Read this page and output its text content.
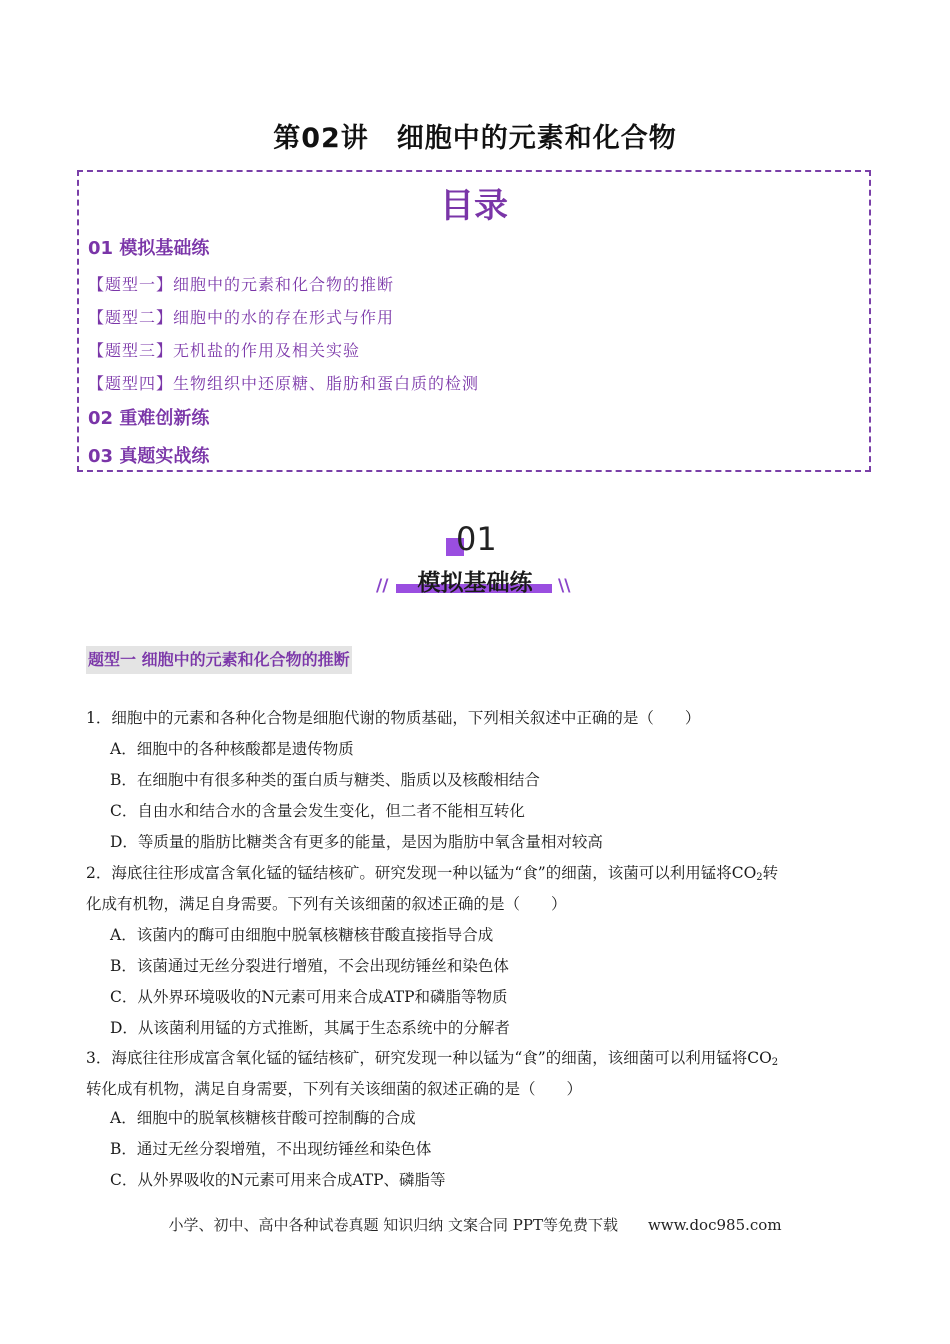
第02讲　细胞中的元素和化合物
目录
01 模拟基础练
【题型一】细胞中的元素和化合物的推断
【题型二】细胞中的水的存在形式与作用
【题型三】无机盐的作用及相关实验
【题型四】生物组织中还原糖、脂肪和蛋白质的检测
02 重难创新练
03 真题实战练
01
模拟基础练
//	\\
题型一 细胞中的元素和化合物的推断
1．细胞中的元素和各种化合物是细胞代谢的物质基础，下列相关叙述中正确的是（　　）
A．细胞中的各种核酸都是遗传物质
B．在细胞中有很多种类的蛋白质与糖类、脂质以及核酸相结合
C．自由水和结合水的含量会发生变化，但二者不能相互转化
D．等质量的脂肪比糖类含有更多的能量，是因为脂肪中氧含量相对较高
2．海底往往形成富含氧化锰的锰结核矿。研究发现一种以锰为“食”的细菌，该菌可以利用锰将$CO_2$转
化成有机物，满足自身需要。下列有关该细菌的叙述正确的是（　　）
A．该菌内的酶可由细胞中脱氧核糖核苷酸直接指导合成
B．该菌通过无丝分裂进行增殖，不会出现纺锤丝和染色体
C．从外界环境吸收的N元素可用来合成ATP和磷脂等物质
D．从该菌利用锰的方式推断，其属于生态系统中的分解者
3．海底往往形成富含氧化锰的锰结核矿，研究发现一种以锰为“食”的细菌，该细菌可以利用锰将$CO_2$
转化成有机物，满足自身需要，下列有关该细菌的叙述正确的是（　　）
A．细胞中的脱氧核糖核苷酸可控制酶的合成
B．通过无丝分裂增殖，不出现纺锤丝和染色体
C．从外界吸收的N元素可用来合成ATP、磷脂等
小学、初中、高中各种试卷真题 知识归纳 文案合同 PPT等免费下载　　www.doc985.com
